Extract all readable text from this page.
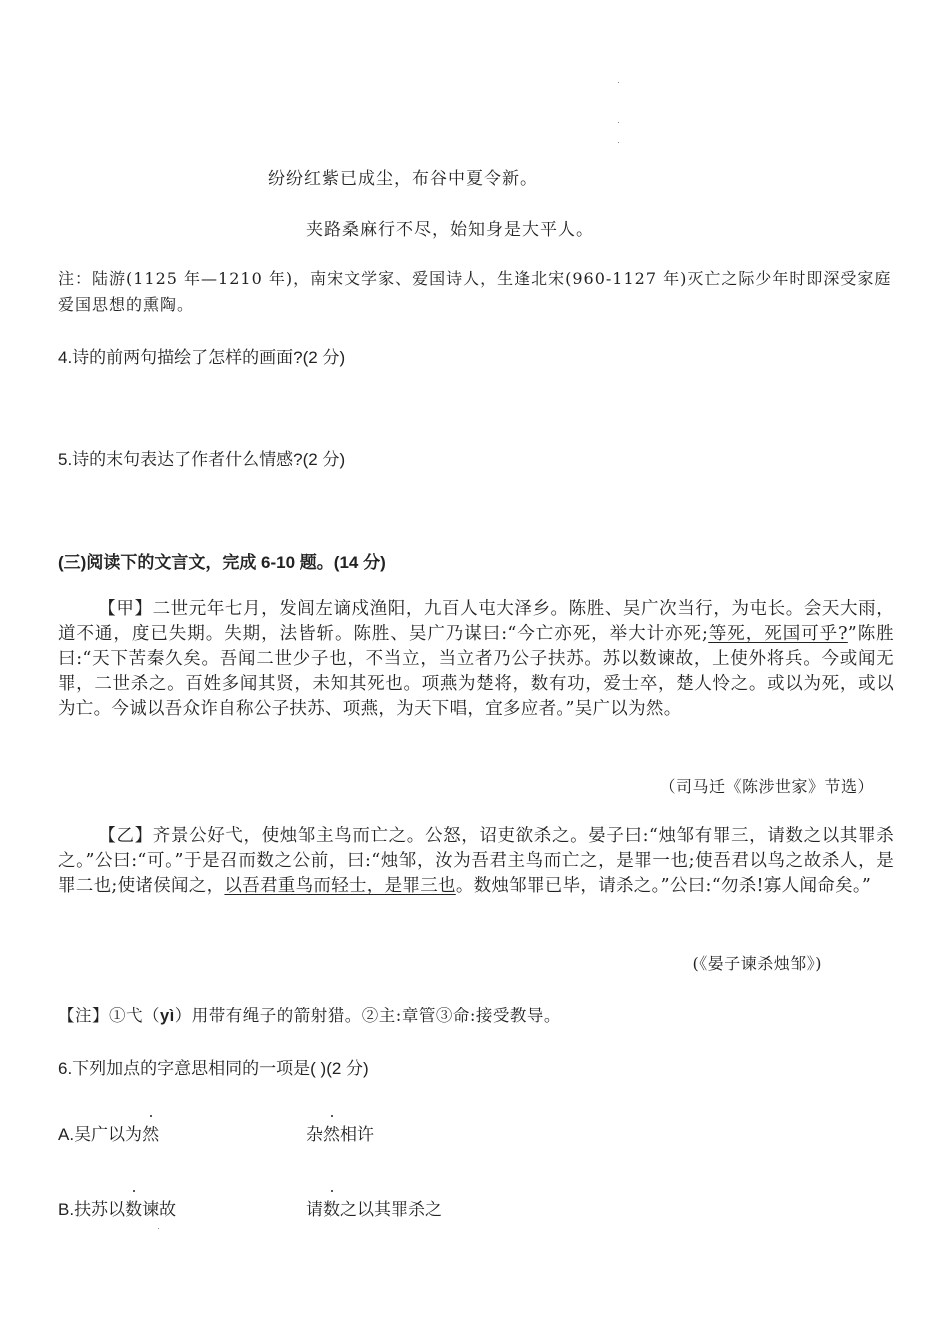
纷纷红紫已成尘，布谷中夏令新。
夹路桑麻行不尽，始知身是大平人。
注：陆游(1125 年—1210 年)，南宋文学家、爱国诗人，生逢北宋(960-1127 年)灭亡之际少年时即深受家庭爱国思想的熏陶。
4.诗的前两句描绘了怎样的画面?(2 分)
5.诗的末句表达了作者什么情感?(2 分)
(三)阅读下的文言文，完成 6-10 题。(14 分)
【甲】二世元年七月，发闾左谪戍渔阳，九百人屯大泽乡。陈胜、吴广次当行，为屯长。会天大雨，道不通，度已失期。失期，法皆斩。陈胜、吴广乃谋曰:“今亡亦死，举大计亦死;等死，死国可乎?”陈胜曰:“天下苦秦久矣。吾闻二世少子也，不当立，当立者乃公子扶苏。苏以数谏故，上使外将兵。今或闻无罪，二世杀之。百姓多闻其贤，未知其死也。项燕为楚将，数有功，爱士卒，楚人怜之。或以为死，或以为亡。今诚以吾众诈自称公子扶苏、项燕，为天下唱，宜多应者。”吴广以为然。
（司马迁《陈涉世家》节选）
【乙】齐景公好弋，使烛邹主鸟而亡之。公怒，诏吏欲杀之。晏子曰:“烛邹有罪三，请数之以其罪杀之。”公曰:“可。”于是召而数之公前，曰:“烛邹，汝为吾君主鸟而亡之，是罪一也;使吾君以鸟之故杀人，是罪二也;使诸侯闻之，以吾君重鸟而轻士，是罪三也。数烛邹罪已毕，请杀之。”公曰:“勿杀!寡人闻命矣。”
(《晏子谏杀烛邹》)
【注】①弋（yì）用带有绳子的箭射猎。②主:章管③命:接受教导。
6.下列加点的字意思相同的一项是( )(2 分)
A.吴广以为然	杂然相许
B.扶苏以数谏故	请数之以其罪杀之
